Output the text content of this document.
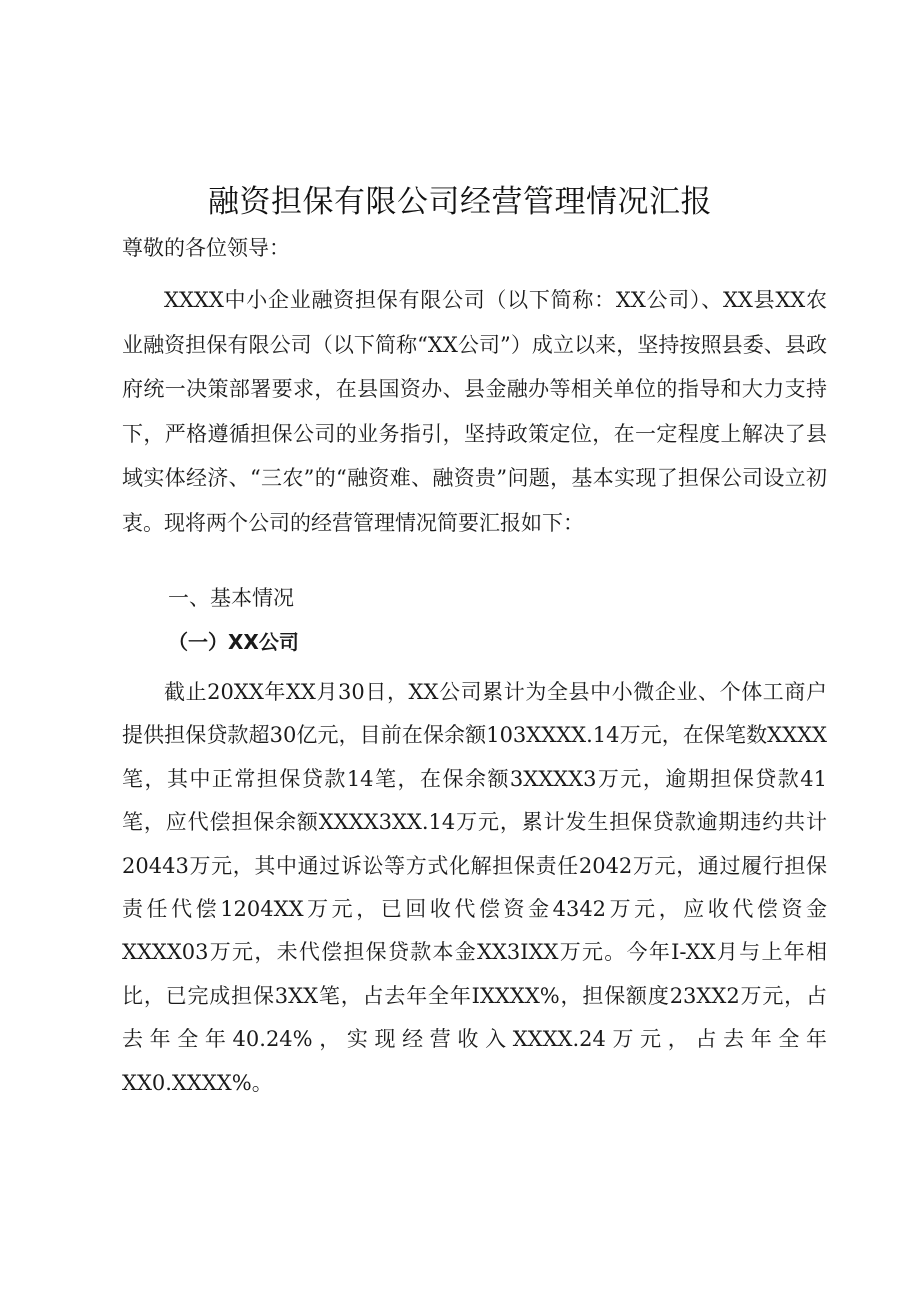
融资担保有限公司经营管理情况汇报
尊敬的各位领导：

XXXX中小企业融资担保有限公司（以下简称：XX公司）、XX县XX农业融资担保有限公司（以下简称“XX公司”）成立以来，坚持按照县委、县政府统一决策部署要求，在县国资办、县金融办等相关单位的指导和大力支持下，严格遵循担保公司的业务指引，坚持政策定位，在一定程度上解决了县域实体经济、“三农”的“融资难、融资贵”问题，基本实现了担保公司设立初衷。现将两个公司的经营管理情况简要汇报如下：

一、基本情况
（一）XX公司

截止20XX年XX月30日，XX公司累计为全县中小微企业、个体工商户提供担保贷款超30亿元，目前在保余额103XXXX.14万元，在保笔数XXXX笔，其中正常担保贷款14笔，在保余额3XXXX3万元，逾期担保贷款41笔，应代偿担保余额XXXX3XX.14万元，累计发生担保贷款逾期违约共计20443万元，其中通过诉讼等方式化解担保责任2042万元，通过履行担保责任代偿1204XX万元，已回收代偿资金4342万元，应收代偿资金XXXX03万元，未代偿担保贷款本金XX3IXX万元。今年I-XX月与上年相比，已完成担保3XX笔，占去年全年IXXXX%，担保额度23XX2万元，占去年全年40.24%，实现经营收入XXXX.24万元，占去年全年XX0.XXXX%。
